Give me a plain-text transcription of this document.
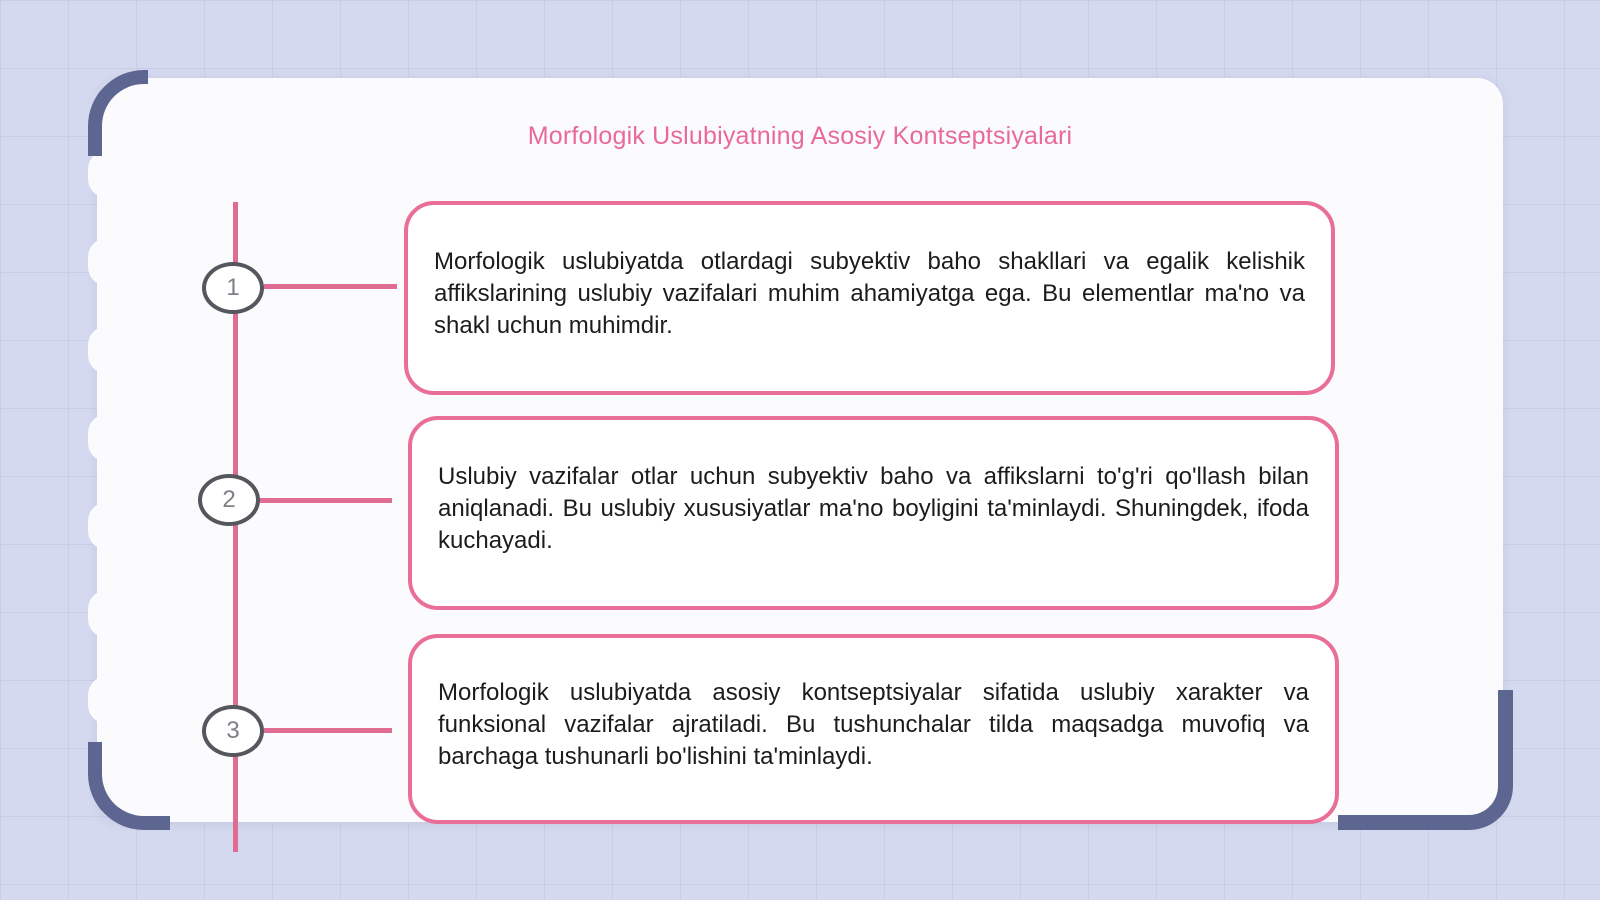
Morfologik Uslubiyatning Asosiy Kontseptsiyalari
1

Morfologik uslubiyatda otlardagi subyektiv baho shakllari va egalik kelishik affikslarining uslubiy vazifalari muhim ahamiyatga ega. Bu elementlar ma'no va shakl uchun muhimdir.

2

Uslubiy vazifalar otlar uchun subyektiv baho va affikslarni to'g'ri qo'llash bilan aniqlanadi. Bu uslubiy xususiyatlar ma'no boyligini ta'minlaydi. Shuningdek, ifoda kuchayadi.

3

Morfologik uslubiyatda asosiy kontseptsiyalar sifatida uslubiy xarakter va funksional vazifalar ajratiladi. Bu tushunchalar tilda maqsadga muvofiq va barchaga tushunarli bo'lishini ta'minlaydi.
